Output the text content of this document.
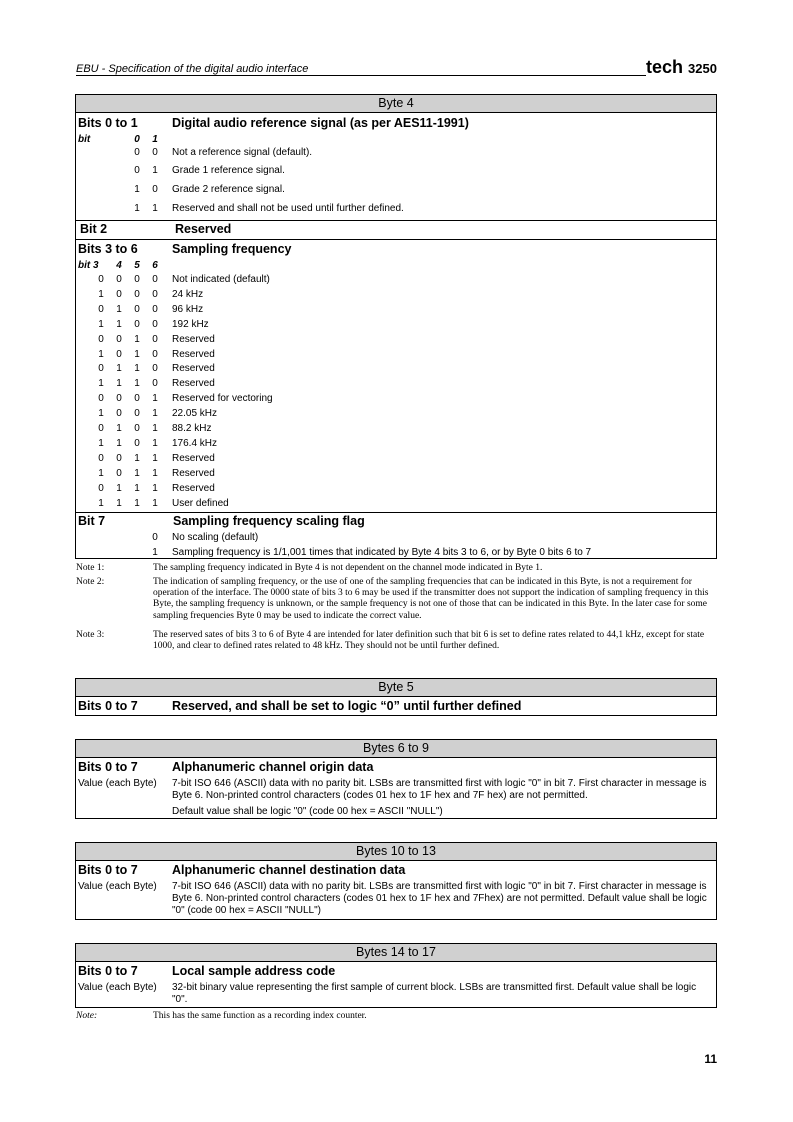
EBU - Specification of the digital audio interface	tech 3250
Byte 4
Bits 0 to 1	Digital audio reference signal (as per AES11-1991)
bit	0 1
0 0 Not a reference signal (default).
0 1 Grade 1 reference signal.
1 0 Grade 2 reference signal.
1 1 Reserved and shall not be used until further defined.
Bit 2	Reserved
Bits 3 to 6	Sampling frequency
bit 3 4 5 6
0 0 0 0 Not indicated (default)
1 0 0 0 24 kHz
0 1 0 0 96 kHz
1 1 0 0 192 kHz
0 0 1 0 Reserved
1 0 1 0 Reserved
0 1 1 0 Reserved
1 1 1 0 Reserved
0 0 0 1 Reserved for vectoring
1 0 0 1 22.05 kHz
0 1 0 1 88.2 kHz
1 1 0 1 176.4 kHz
0 0 1 1 Reserved
1 0 1 1 Reserved
0 1 1 1 Reserved
1 1 1 1 User defined
Bit 7	Sampling frequency scaling flag
0 No scaling (default)
1 Sampling frequency is 1/1,001 times that indicated by Byte 4 bits 3 to 6, or by Byte 0 bits 6 to 7
Note 1:	The sampling frequency indicated in Byte 4 is not dependent on the channel mode indicated in Byte 1.
Note 2:	The indication of sampling frequency, or the use of one of the sampling frequencies that can be indicated in this Byte, is not a requirement for operation of the interface. The 0000 state of bits 3 to 6 may be used if the transmitter does not support the indication of sampling frequency in this Byte, the sampling frequency is unknown, or the sample frequency is not one of those that can be indicated in this Byte. In the later case for some sampling frequencies Byte 0 may be used to indicate the correct value.
Note 3:	The reserved sates of bits 3 to 6 of Byte 4 are intended for later definition such that bit 6 is set to define rates related to 44,1 kHz, except for state 1000, and clear to defined rates related to 48 kHz. They should not be until further defined.
Byte 5
Bits 0 to 7	Reserved, and shall be set to logic “0” until further defined
Bytes 6 to 9
Bits 0 to 7	Alphanumeric channel origin data
Value (each Byte) 7-bit ISO 646 (ASCII) data with no parity bit. LSBs are transmitted first with logic "0" in bit 7. First character in message is Byte 6. Non-printed control characters (codes 01 hex to 1F hex and 7F hex) are not permitted.
Default value shall be logic "0" (code 00 hex = ASCII "NULL")
Bytes 10 to 13
Bits 0 to 7	Alphanumeric channel destination data
Value (each Byte) 7-bit ISO 646 (ASCII) data with no parity bit. LSBs are transmitted first with logic "0" in bit 7. First character in message is Byte 6. Non-printed control characters (codes 01 hex to 1F hex and 7Fhex) are not permitted. Default value shall be logic "0" (code 00 hex = ASCII "NULL")
Bytes 14 to 17
Bits 0 to 7	Local sample address code
Value (each Byte) 32-bit binary value representing the first sample of current block. LSBs are transmitted first. Default value shall be logic "0".
Note:	This has the same function as a recording index counter.
11
